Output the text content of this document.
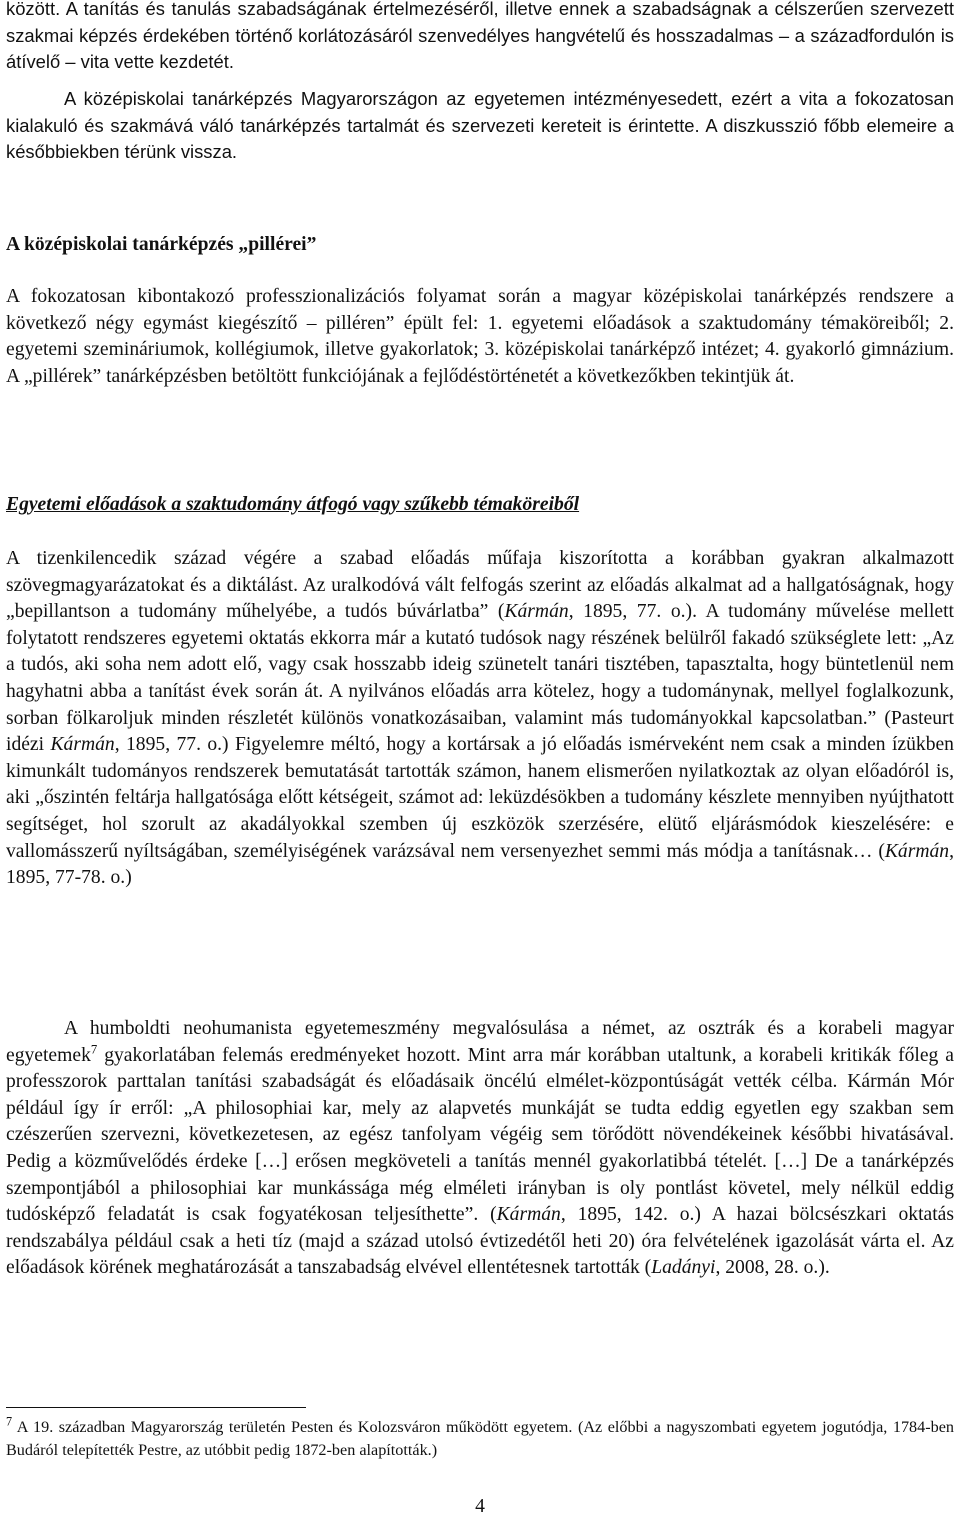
között. A tanítás és tanulás szabadságának értelmezéséről, illetve ennek a szabadságnak a célszerűen szervezett szakmai képzés érdekében történő korlátozásáról szenvedélyes hangvételű és hosszadalmas – a századfordulón is átívelő – vita vette kezdetét.

A középiskolai tanárképzés Magyarországon az egyetemen intézményesedett, ezért a vita a fokozatosan kialakuló és szakmává váló tanárképzés tartalmát és szervezeti kereteit is érintette. A diszkusszió főbb elemeire a későbbiekben térünk vissza.

A középiskolai tanárképzés „pillérei”

A fokozatosan kibontakozó professzionalizációs folyamat során a magyar középiskolai tanárképzés rendszere a következő négy egymást kiegészítő – pilléren” épült fel: 1. egyetemi előadások a szaktudomány témaköreiből; 2. egyetemi szemináriumok, kollégiumok, illetve gyakorlatok; 3. középiskolai tanárképző intézet; 4. gyakorló gimnázium. A „pillérek” tanárképzésben betöltött funkciójának a fejlődéstörténetét a következőkben tekintjük át.

Egyetemi előadások a szaktudomány átfogó vagy szűkebb témaköreiből

A tizenkilencedik század végére a szabad előadás műfaja kiszorította a korábban gyakran alkalmazott szövegmagyarázatokat és a diktálást. Az uralkodóvá vált felfogás szerint az előadás alkalmat ad a hallgatóságnak, hogy „bepillantson a tudomány műhelyébe, a tudós búvárlatba” (Kármán, 1895, 77. o.). A tudomány művelése mellett folytatott rendszeres egyetemi oktatás ekkorra már a kutató tudósok nagy részének belülről fakadó szükséglete lett: „Az a tudós, aki soha nem adott elő, vagy csak hosszabb ideig szünetelt tanári tisztében, tapasztalta, hogy büntetlenül nem hagyhatni abba a tanítást évek során át. A nyilvános előadás arra kötelez, hogy a tudománynak, mellyel foglalkozunk, sorban fölkaroljuk minden részletét különös vonatkozásaiban, valamint más tudományokkal kapcsolatban.” (Pasteurt idézi Kármán, 1895, 77. o.) Figyelemre méltó, hogy a kortársak a jó előadás ismérveként nem csak a minden ízükben kimunkált tudományos rendszerek bemutatását tartották számon, hanem elismerően nyilatkoztak az olyan előadóról is, aki „őszintén feltárja hallgatósága előtt kétségeit, számot ad: leküzdésökben a tudomány készlete mennyiben nyújthatott segítséget, hol szorult az akadályokkal szemben új eszközök szerzésére, elütő eljárásmódok kieszelésére: e vallomásszerű nyíltságában, személyiségének varázsával nem versenyezhet semmi más módja a tanításnak… (Kármán, 1895, 77-78. o.)

A humboldti neohumanista egyetemeszmény megvalósulása a német, az osztrák és a korabeli magyar egyetemek$^7$ gyakorlatában felemás eredményeket hozott. Mint arra már korábban utaltunk, a korabeli kritikák főleg a professzorok parttalan tanítási szabadságát és előadásaik öncélú elmélet-központúságát vették célba. Kármán Mór például így ír erről: „A philosophiai kar, mely az alapvetés munkáját se tudta eddig egyetlen egy szakban sem czészerűen szervezni, következetesen, az egész tanfolyam végéig sem törődött növendékeinek későbbi hivatásával. Pedig a közművelődés érdeke […] erősen megköveteli a tanítás mennél gyakorlatibbá tételét. […] De a tanárképzés szempontjából a philosophiai kar munkássága még elméleti irányban is oly pontlást követel, mely nélkül eddig tudósképző feladatát is csak fogyatékosan teljesíthette”. (Kármán, 1895, 142. o.) A hazai bölcsészkari oktatás rendszabálya például csak a heti tíz (majd a század utolsó évtizedétől heti 20) óra felvételének igazolását várta el. Az előadások körének meghatározását a tanszabadság elvével ellentétesnek tartották (Ladányi, 2008, 28. o.).

$^7$ A 19. században Magyarország területén Pesten és Kolozsváron működött egyetem. (Az előbbi a nagyszombati egyetem jogutódja, 1784-ben Budáról telepítették Pestre, az utóbbit pedig 1872-ben alapították.)

4
